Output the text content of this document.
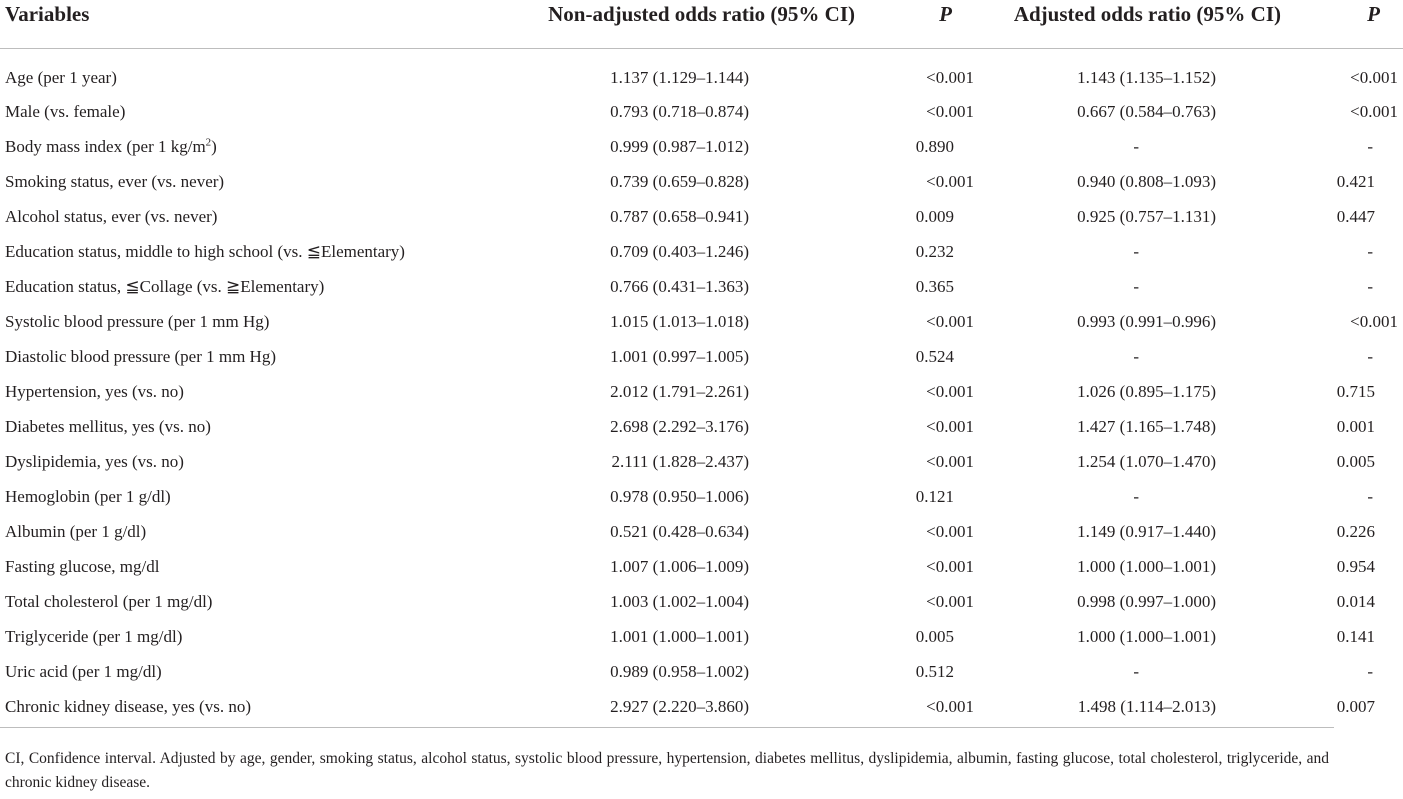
Variables	Non-adjusted odds ratio (95% CI)	P	Adjusted odds ratio (95% CI)	P
Age (per 1 year)	1.137 (1.129–1.144)	<0.001	1.143 (1.135–1.152)	<0.001
Male (vs. female)	0.793 (0.718–0.874)	<0.001	0.667 (0.584–0.763)	<0.001
Body mass index (per 1 $kg/m^2$)	0.999 (0.987–1.012)	0.890	-	-
Smoking status, ever (vs. never)	0.739 (0.659–0.828)	<0.001	0.940 (0.808–1.093)	0.421
Alcohol status, ever (vs. never)	0.787 (0.658–0.941)	0.009	0.925 (0.757–1.131)	0.447
Education status, middle to high school (vs. ≦Elementary)	0.709 (0.403–1.246)	0.232	-	-
Education status, ≦Collage (vs. ≧Elementary)	0.766 (0.431–1.363)	0.365	-	-
Systolic blood pressure (per 1 mm Hg)	1.015 (1.013–1.018)	<0.001	0.993 (0.991–0.996)	<0.001
Diastolic blood pressure (per 1 mm Hg)	1.001 (0.997–1.005)	0.524	-	-
Hypertension, yes (vs. no)	2.012 (1.791–2.261)	<0.001	1.026 (0.895–1.175)	0.715
Diabetes mellitus, yes (vs. no)	2.698 (2.292–3.176)	<0.001	1.427 (1.165–1.748)	0.001
Dyslipidemia, yes (vs. no)	2.111 (1.828–2.437)	<0.001	1.254 (1.070–1.470)	0.005
Hemoglobin (per 1 g/dl)	0.978 (0.950–1.006)	0.121	-	-
Albumin (per 1 g/dl)	0.521 (0.428–0.634)	<0.001	1.149 (0.917–1.440)	0.226
Fasting glucose, mg/dl	1.007 (1.006–1.009)	<0.001	1.000 (1.000–1.001)	0.954
Total cholesterol (per 1 mg/dl)	1.003 (1.002–1.004)	<0.001	0.998 (0.997–1.000)	0.014
Triglyceride (per 1 mg/dl)	1.001 (1.000–1.001)	0.005	1.000 (1.000–1.001)	0.141
Uric acid (per 1 mg/dl)	0.989 (0.958–1.002)	0.512	-	-
Chronic kidney disease, yes (vs. no)	2.927 (2.220–3.860)	<0.001	1.498 (1.114–2.013)	0.007
CI, Confidence interval. Adjusted by age, gender, smoking status, alcohol status, systolic blood pressure, hypertension, diabetes mellitus, dyslipidemia, albumin, fasting glucose, total cholesterol, triglyceride, and chronic kidney disease.
